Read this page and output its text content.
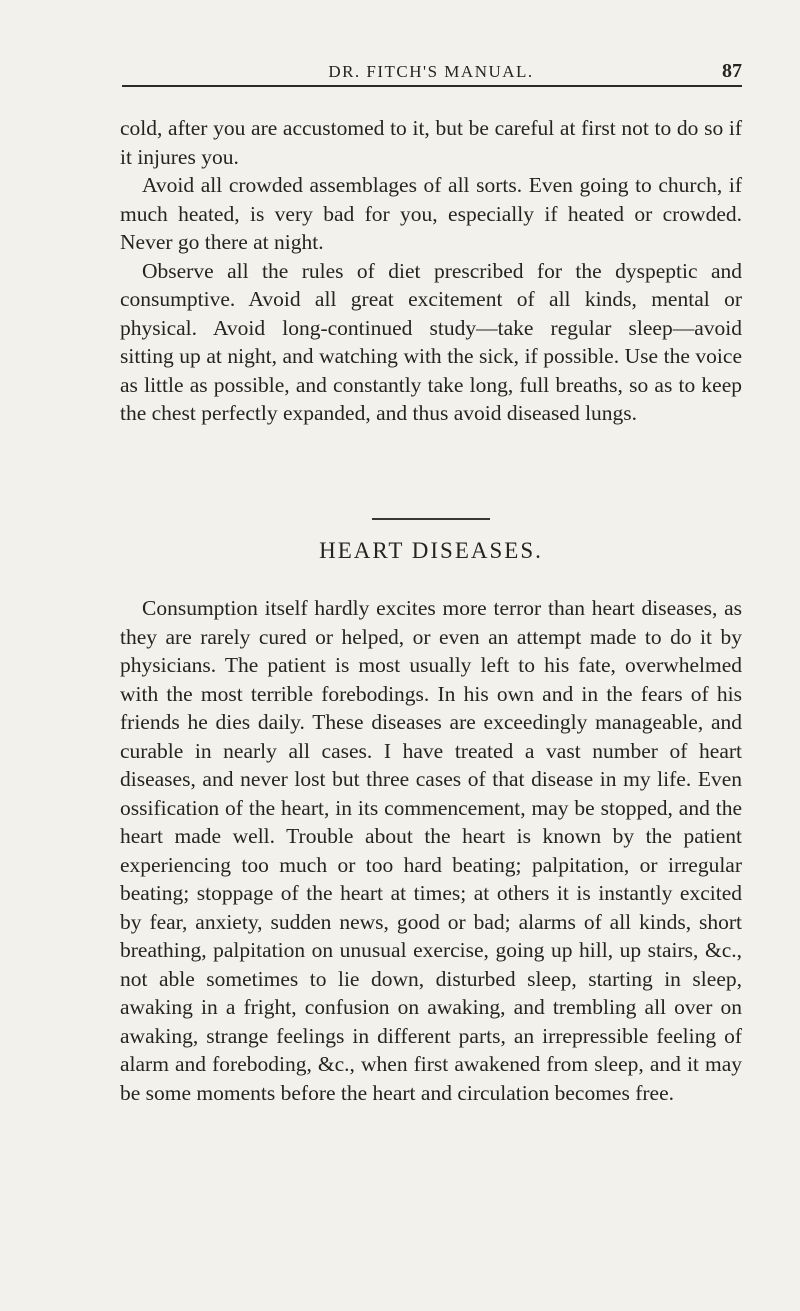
DR. FITCH'S MANUAL.	87

cold, after you are accustomed to it, but be careful at first not to do so if it injures you.

Avoid all crowded assemblages of all sorts. Even going to church, if much heated, is very bad for you, especially if heated or crowded. Never go there at night.

Observe all the rules of diet prescribed for the dyspeptic and consumptive. Avoid all great excitement of all kinds, mental or physical. Avoid long-continued study—take regular sleep—avoid sitting up at night, and watching with the sick, if possible. Use the voice as little as possible, and constantly take long, full breaths, so as to keep the chest perfectly expanded, and thus avoid diseased lungs.

HEART DISEASES.

Consumption itself hardly excites more terror than heart diseases, as they are rarely cured or helped, or even an attempt made to do it by physicians. The patient is most usually left to his fate, overwhelmed with the most terrible forebodings. In his own and in the fears of his friends he dies daily. These diseases are exceedingly manageable, and curable in nearly all cases. I have treated a vast number of heart diseases, and never lost but three cases of that disease in my life. Even ossification of the heart, in its commencement, may be stopped, and the heart made well. Trouble about the heart is known by the patient experiencing too much or too hard beating; palpitation, or irregular beating; stoppage of the heart at times; at others it is instantly excited by fear, anxiety, sudden news, good or bad; alarms of all kinds, short breathing, palpitation on unusual exercise, going up hill, up stairs, &c., not able sometimes to lie down, disturbed sleep, starting in sleep, awaking in a fright, confusion on awaking, and trembling all over on awaking, strange feelings in different parts, an irrepressible feeling of alarm and foreboding, &c., when first awakened from sleep, and it may be some moments before the heart and circulation becomes free.
